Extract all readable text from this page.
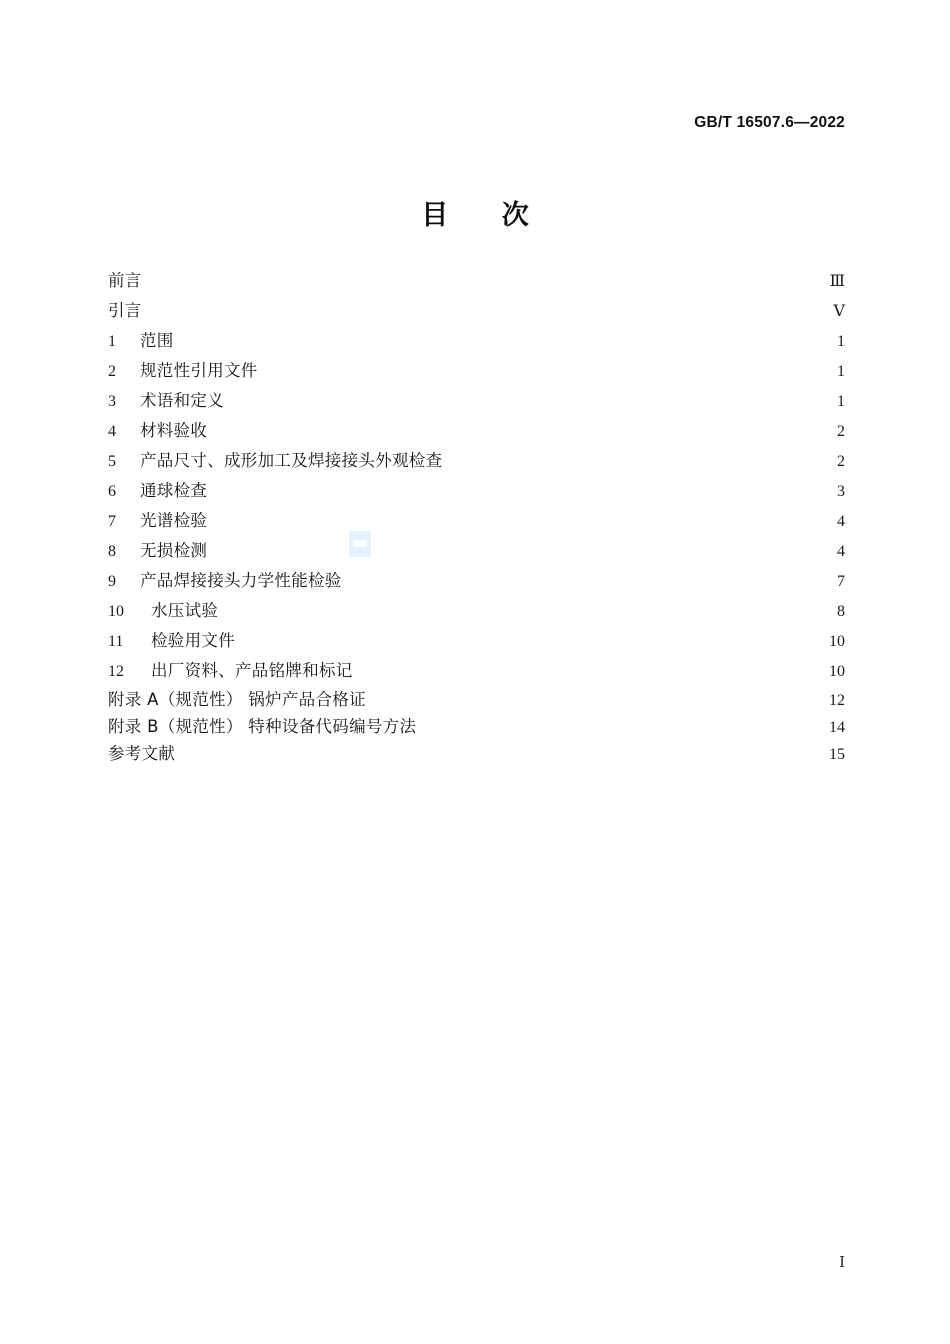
GB/T 16507.6—2022
目 次
前言 ·····	Ⅲ
引言 ·····	Ⅴ
1	范围 ·····	1
2	规范性引用文件 ·····	1
3	术语和定义 ·····	1
4	材料验收 ·····	2
5	产品尺寸、成形加工及焊接接头外观检查 ·····	2
6	通球检查 ·····	3
7	光谱检验 ·····	4
8	无损检测 ·····	4
9	产品焊接接头力学性能检验 ·····	7
10	水压试验 ·····	8
11	检验用文件 ·····	10
12	出厂资料、产品铭牌和标记 ·····	10
附录 A（规范性） 锅炉产品合格证 ·····	12
附录 B（规范性） 特种设备代码编号方法 ·····	14
参考文献 ·····	15
Ⅰ
